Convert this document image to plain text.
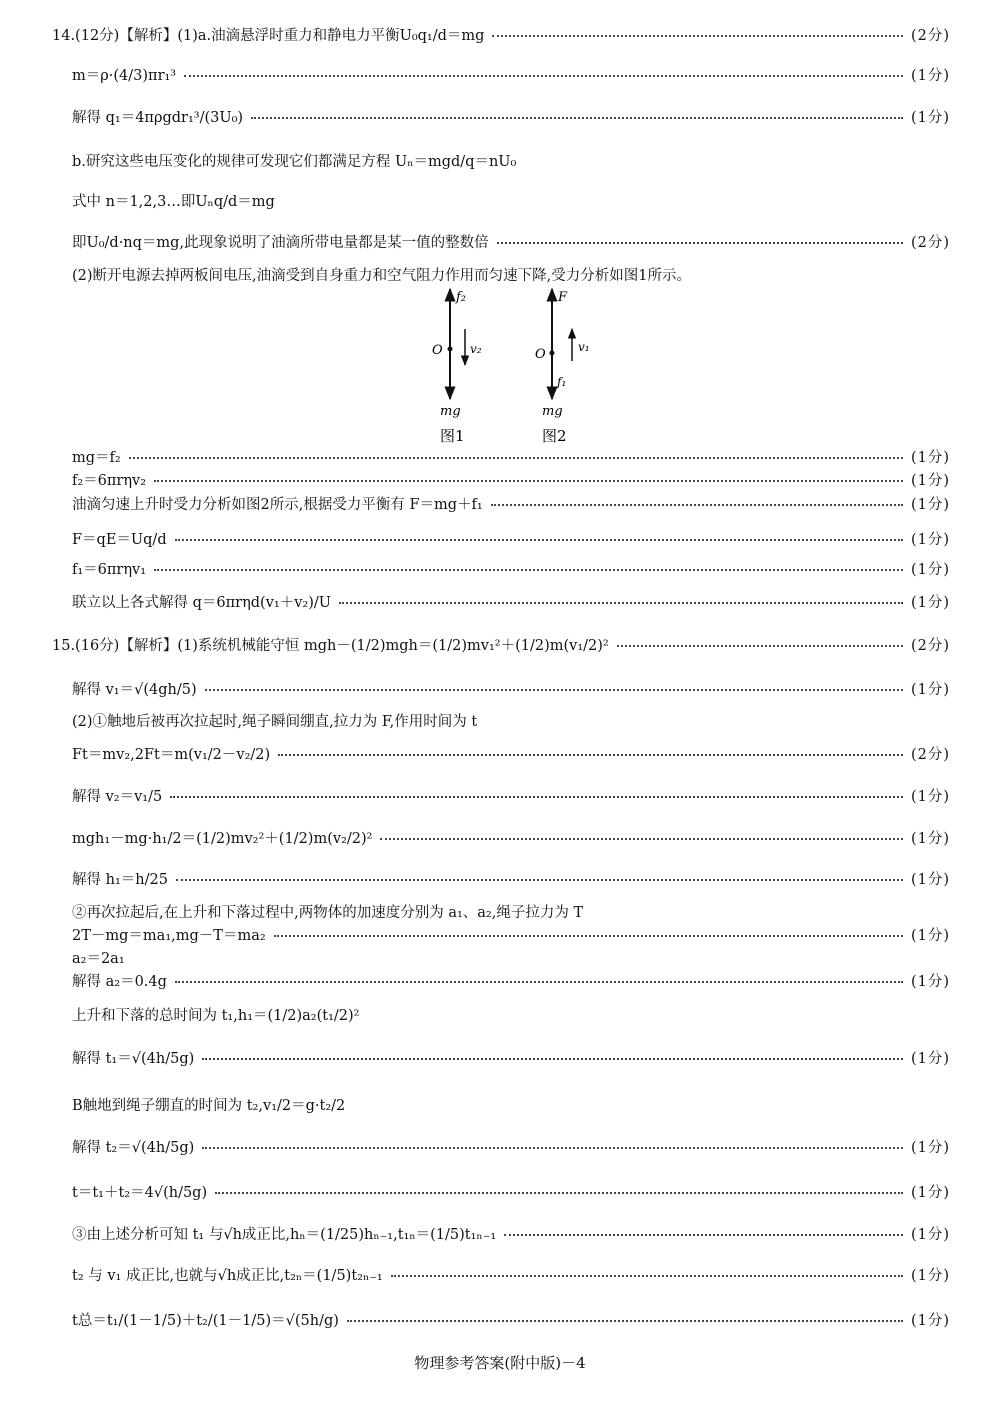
14.(12分)【解析】(1)a.油滴悬浮时重力和静电力平衡U₀q₁/d＝mg	(2分)
m＝ρ·(4/3)πr₁³	(1分)
解得 q₁＝4πρgdr₁³/(3U₀)	(1分)
b.研究这些电压变化的规律可发现它们都满足方程 Uₙ＝mgd/q＝nU₀
式中 n＝1,2,3…即Uₙq/d＝mg
即U₀/d·nq＝mg,此现象说明了油滴所带电量都是某一值的整数倍	(2分)
(2)断开电源去掉两板间电压,油滴受到自身重力和空气阻力作用而匀速下降,受力分析如图1所示。
f₂
O v₂
mg
图1
F
O	v₁
f₁
mg
图2
mg＝f₂	(1分)
f₂＝6πrηv₂	(1分)
油滴匀速上升时受力分析如图2所示,根据受力平衡有 F＝mg＋f₁	(1分)
F＝qE＝Uq/d	(1分)
f₁＝6πrηv₁	(1分)
联立以上各式解得 q＝6πrηd(v₁＋v₂)/U	(1分)
15.(16分)【解析】(1)系统机械能守恒 mgh－(1/2)mgh＝(1/2)mv₁²＋(1/2)m(v₁/2)²	(2分)
解得 v₁＝√(4gh/5)	(1分)
(2)①触地后被再次拉起时,绳子瞬间绷直,拉力为 F,作用时间为 t
Ft＝mv₂,2Ft＝m(v₁/2－v₂/2)	(2分)
解得 v₂＝v₁/5	(1分)
mgh₁－mg·h₁/2＝(1/2)mv₂²＋(1/2)m(v₂/2)²	(1分)
解得 h₁＝h/25	(1分)
②再次拉起后,在上升和下落过程中,两物体的加速度分别为 a₁、a₂,绳子拉力为 T
2T－mg＝ma₁,mg－T＝ma₂	(1分)
a₂＝2a₁
解得 a₂＝0.4g	(1分)
上升和下落的总时间为 t₁,h₁＝(1/2)a₂(t₁/2)²
解得 t₁＝√(4h/5g)	(1分)
B触地到绳子绷直的时间为 t₂,v₁/2＝g·t₂/2
解得 t₂＝√(4h/5g)	(1分)
t＝t₁＋t₂＝4√(h/5g)	(1分)
③由上述分析可知 t₁ 与√h成正比,hₙ＝(1/25)hₙ₋₁,t₁ₙ＝(1/5)t₁ₙ₋₁	(1分)
t₂ 与 v₁ 成正比,也就与√h成正比,t₂ₙ＝(1/5)t₂ₙ₋₁	(1分)
t总＝t₁/(1－1/5)＋t₂/(1－1/5)＝√(5h/g)	(1分)
物理参考答案(附中版)－4
